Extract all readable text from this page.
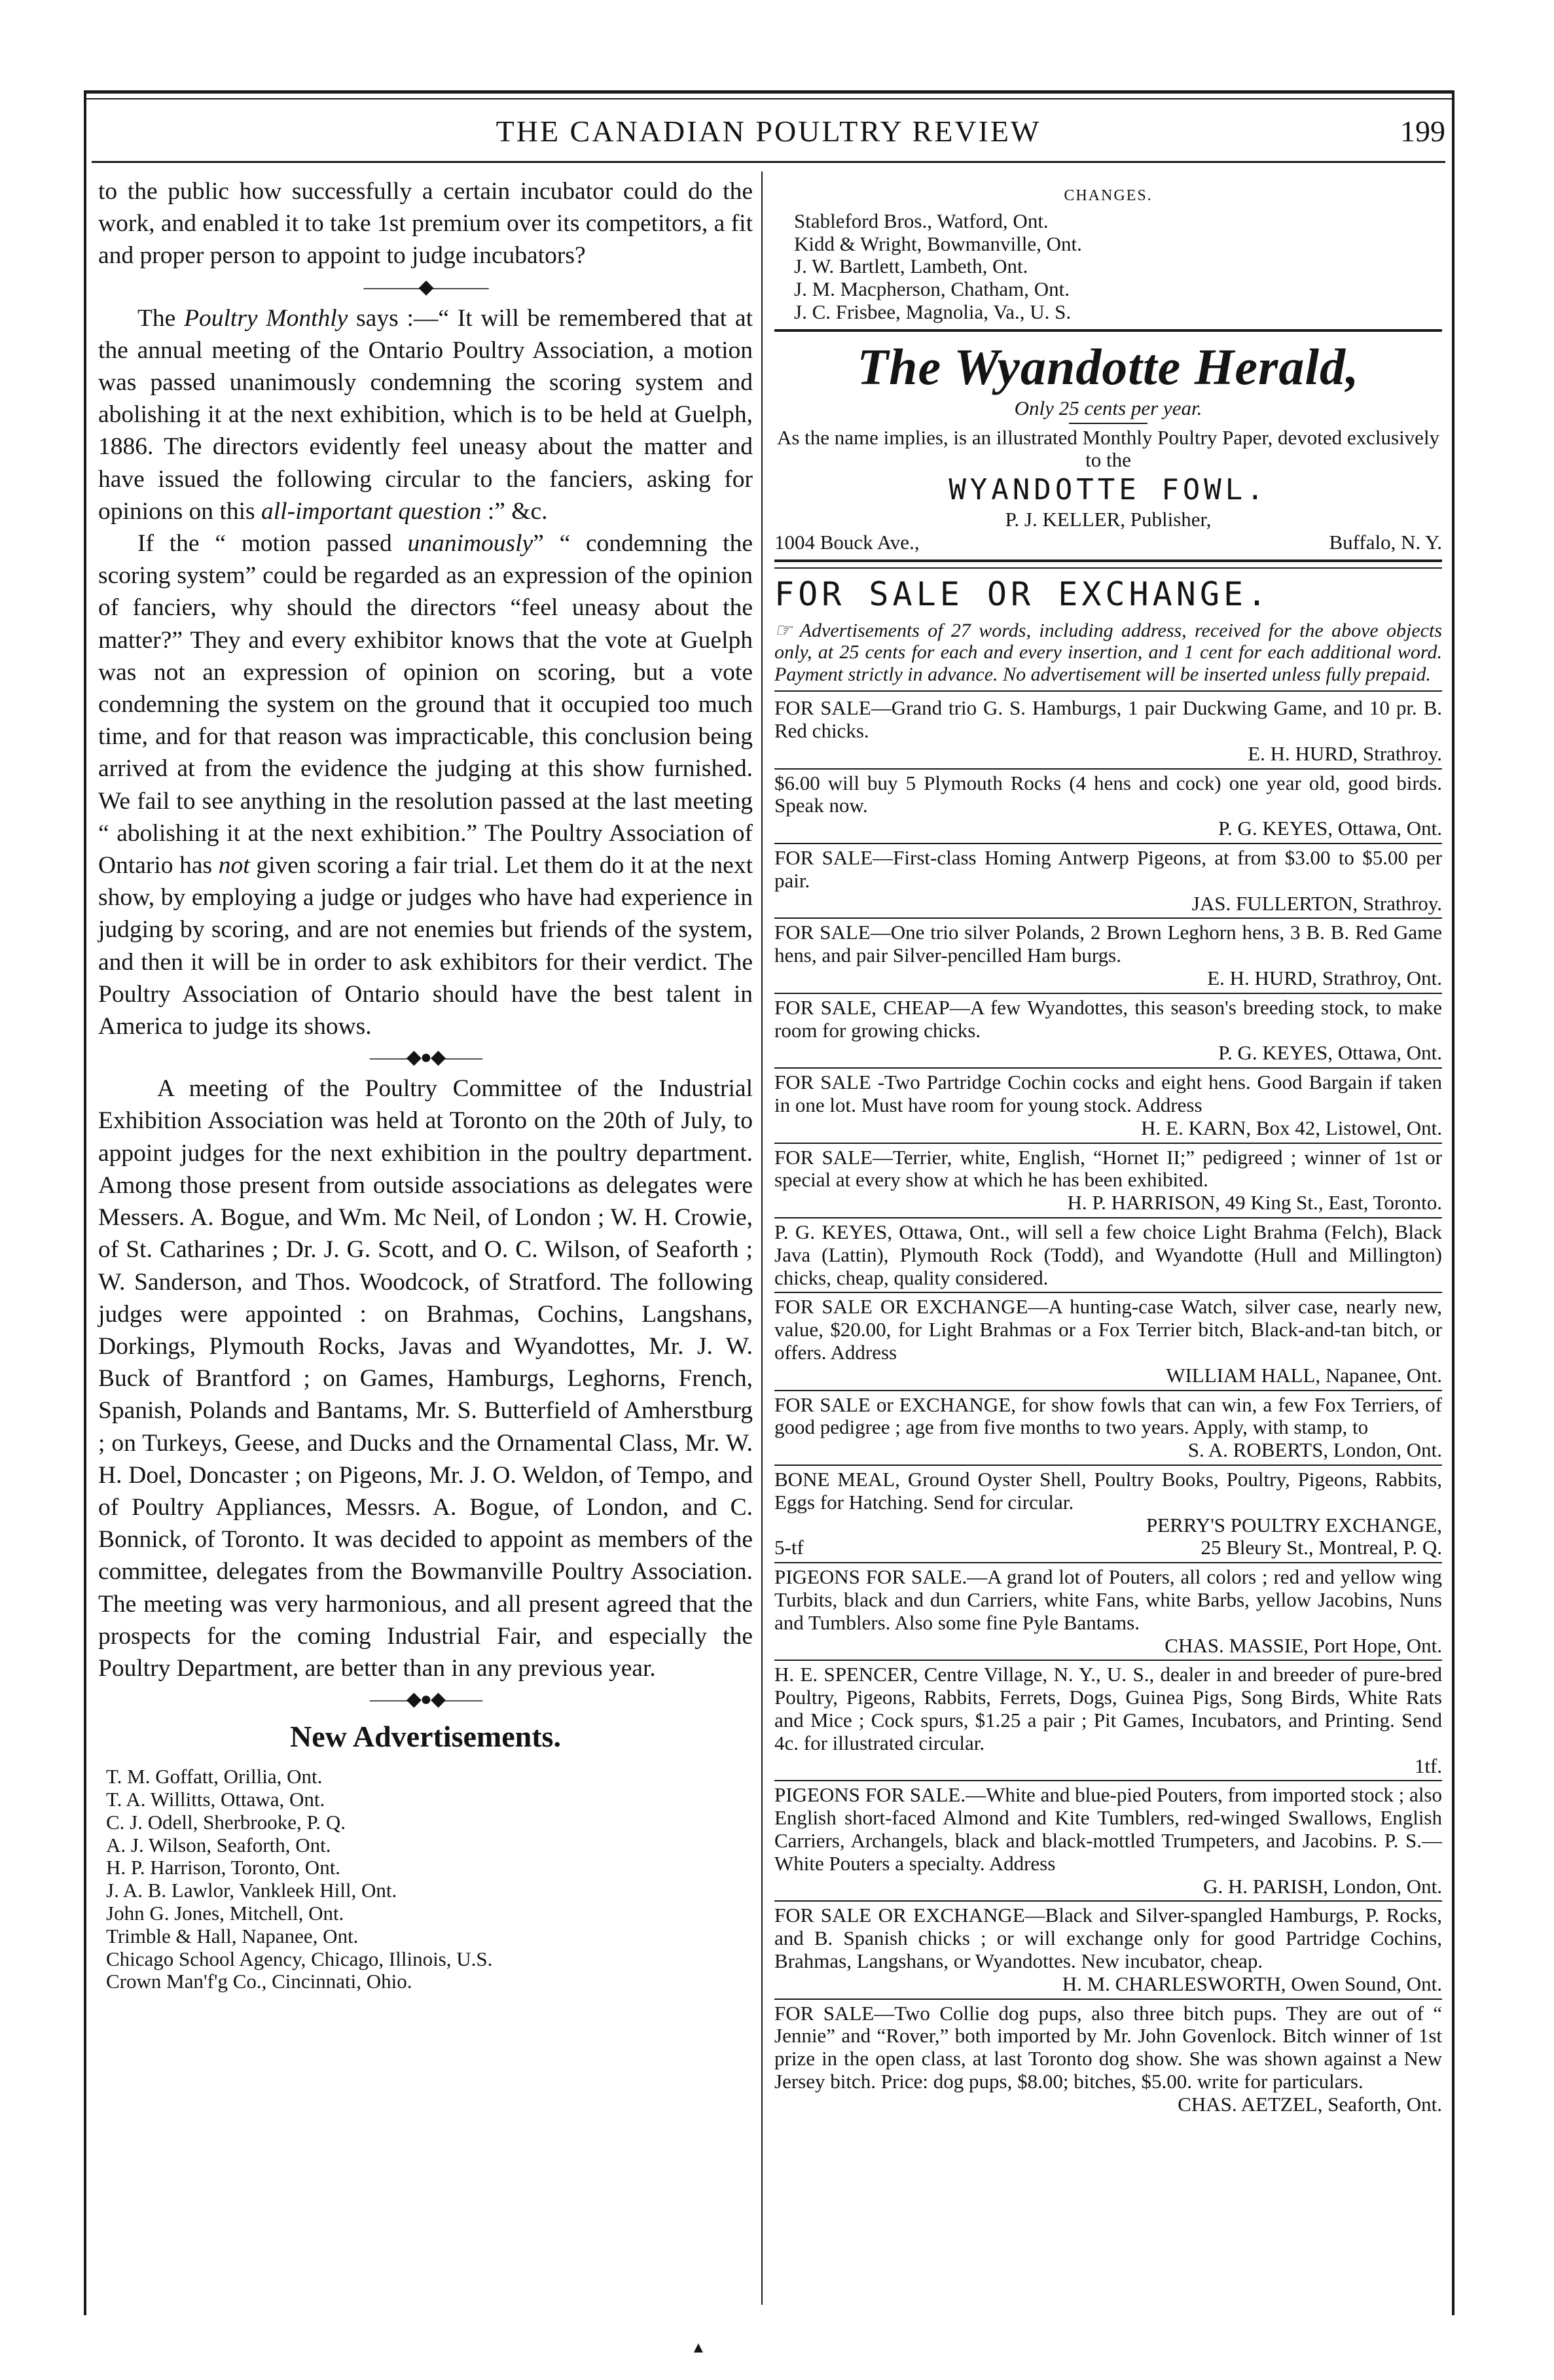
THE CANADIAN POULTRY REVIEW	199

to the public how successfully a certain incubator could do the work, and enabled it to take 1st premium over its competitors, a fit and proper person to appoint to judge incubators?

———◆———

The Poultry Monthly says :—“ It will be remembered that at the annual meeting of the Ontario Poultry Association, a motion was passed unanimously condemning the scoring system and abolishing it at the next exhibition, which is to be held at Guelph, 1886. The directors evidently feel uneasy about the matter and have issued the following circular to the fanciers, asking for opinions on this all-important question :” &c.

If the “ motion passed unanimously” “ condemning the scoring system” could be regarded as an expression of the opinion of fanciers, why should the directors “feel uneasy about the matter?” They and every exhibitor knows that the vote at Guelph was not an expression of opinion on scoring, but a vote condemning the system on the ground that it occupied too much time, and for that reason was impracticable, this conclusion being arrived at from the evidence the judging at this show furnished. We fail to see anything in the resolution passed at the last meeting “ abolishing it at the next exhibition.” The Poultry Association of Ontario has not given scoring a fair trial. Let them do it at the next show, by employing a judge or judges who have had experience in judging by scoring, and are not enemies but friends of the system, and then it will be in order to ask exhibitors for their verdict. The Poultry Association of Ontario should have the best talent in America to judge its shows.

——◆●◆——

A meeting of the Poultry Committee of the Industrial Exhibition Association was held at Toronto on the 20th of July, to appoint judges for the next exhibition in the poultry department. Among those present from outside associations as delegates were Messers. A. Bogue, and Wm. Mc Neil, of London ; W. H. Crowie, of St. Catharines ; Dr. J. G. Scott, and O. C. Wilson, of Seaforth ; W. Sanderson, and Thos. Woodcock, of Stratford. The following judges were appointed : on Brahmas, Cochins, Langshans, Dorkings, Plymouth Rocks, Javas and Wyandottes, Mr. J. W. Buck of Brantford ; on Games, Hamburgs, Leghorns, French, Spanish, Polands and Bantams, Mr. S. Butterfield of Amherstburg ; on Turkeys, Geese, and Ducks and the Ornamental Class, Mr. W. H. Doel, Doncaster ; on Pigeons, Mr. J. O. Weldon, of Tempo, and of Poultry Appliances, Messrs. A. Bogue, of London, and C. Bonnick, of Toronto. It was decided to appoint as members of the committee, delegates from the Bowmanville Poultry Association. The meeting was very harmonious, and all present agreed that the prospects for the coming Industrial Fair, and especially the Poultry Department, are better than in any previous year.

——◆●◆——
New Advertisements.
T. M. Goffatt, Orillia, Ont.
T. A. Willitts, Ottawa, Ont.
C. J. Odell, Sherbrooke, P. Q.
A. J. Wilson, Seaforth, Ont.
H. P. Harrison, Toronto, Ont.
J. A. B. Lawlor, Vankleek Hill, Ont.
John G. Jones, Mitchell, Ont.
Trimble & Hall, Napanee, Ont.
Chicago School Agency, Chicago, Illinois, U.S.
Crown Man'f'g Co., Cincinnati, Ohio.
CHANGES.
Stableford Bros., Watford, Ont.
Kidd & Wright, Bowmanville, Ont.
J. W. Bartlett, Lambeth, Ont.
J. M. Macpherson, Chatham, Ont.
J. C. Frisbee, Magnolia, Va., U. S.
The Wyandotte Herald,
Only 25 cents per year.
As the name implies, is an illustrated Monthly Poultry Paper, devoted exclusively to the
WYANDOTTE FOWL.
P. J. KELLER, Publisher,
1004 Bouck Ave.,	Buffalo, N. Y.
FOR SALE OR EXCHANGE.
☞ Advertisements of 27 words, including address, received for the above objects only, at 25 cents for each and every insertion, and 1 cent for each additional word. Payment strictly in advance. No advertisement will be inserted unless fully prepaid.
FOR SALE—Grand trio G. S. Hamburgs, 1 pair Duckwing Game, and 10 pr. B. Red chicks.
E. H. HURD, Strathroy.
$6.00 will buy 5 Plymouth Rocks (4 hens and cock) one year old, good birds. Speak now.
P. G. KEYES, Ottawa, Ont.
FOR SALE—First-class Homing Antwerp Pigeons, at from $3.00 to $5.00 per pair.
JAS. FULLERTON, Strathroy.
FOR SALE—One trio silver Polands, 2 Brown Leghorn hens, 3 B. B. Red Game hens, and pair Silver-pencilled Ham burgs.
E. H. HURD, Strathroy, Ont.
FOR SALE, CHEAP—A few Wyandottes, this season's breeding stock, to make room for growing chicks.
P. G. KEYES, Ottawa, Ont.
FOR SALE -Two Partridge Cochin cocks and eight hens. Good Bargain if taken in one lot. Must have room for young stock. Address
H. E. KARN, Box 42, Listowel, Ont.
FOR SALE—Terrier, white, English, “Hornet II;” pedigreed ; winner of 1st or special at every show at which he has been exhibited.
H. P. HARRISON, 49 King St., East, Toronto.
P. G. KEYES, Ottawa, Ont., will sell a few choice Light Brahma (Felch), Black Java (Lattin), Plymouth Rock (Todd), and Wyandotte (Hull and Millington) chicks, cheap, quality considered.
FOR SALE OR EXCHANGE—A hunting-case Watch, silver case, nearly new, value, $20.00, for Light Brahmas or a Fox Terrier bitch, Black-and-tan bitch, or offers. Address
WILLIAM HALL, Napanee, Ont.
FOR SALE or EXCHANGE, for show fowls that can win, a few Fox Terriers, of good pedigree ; age from five months to two years. Apply, with stamp, to
S. A. ROBERTS, London, Ont.
BONE MEAL, Ground Oyster Shell, Poultry Books, Poultry, Pigeons, Rabbits, Eggs for Hatching. Send for circular.
PERRY'S POULTRY EXCHANGE,
5-tf	25 Bleury St., Montreal, P. Q.
PIGEONS FOR SALE.—A grand lot of Pouters, all colors ; red and yellow wing Turbits, black and dun Carriers, white Fans, white Barbs, yellow Jacobins, Nuns and Tumblers. Also some fine Pyle Bantams.
CHAS. MASSIE, Port Hope, Ont.
H. E. SPENCER, Centre Village, N. Y., U. S., dealer in and breeder of pure-bred Poultry, Pigeons, Rabbits, Ferrets, Dogs, Guinea Pigs, Song Birds, White Rats and Mice ; Cock spurs, $1.25 a pair ; Pit Games, Incubators, and Printing. Send 4c. for illustrated circular.
1tf.
PIGEONS FOR SALE.—White and blue-pied Pouters, from imported stock ; also English short-faced Almond and Kite Tumblers, red-winged Swallows, English Carriers, Archangels, black and black-mottled Trumpeters, and Jacobins. P. S.—White Pouters a specialty. Address
G. H. PARISH, London, Ont.
FOR SALE OR EXCHANGE—Black and Silver-spangled Hamburgs, P. Rocks, and B. Spanish chicks ; or will exchange only for good Partridge Cochins, Brahmas, Langshans, or Wyandottes. New incubator, cheap.
H. M. CHARLESWORTH, Owen Sound, Ont.
FOR SALE—Two Collie dog pups, also three bitch pups. They are out of “ Jennie” and “Rover,” both imported by Mr. John Govenlock. Bitch winner of 1st prize in the open class, at last Toronto dog show. She was shown against a New Jersey bitch. Price: dog pups, $8.00; bitches, $5.00. write for particulars.
CHAS. AETZEL, Seaforth, Ont.
▲
